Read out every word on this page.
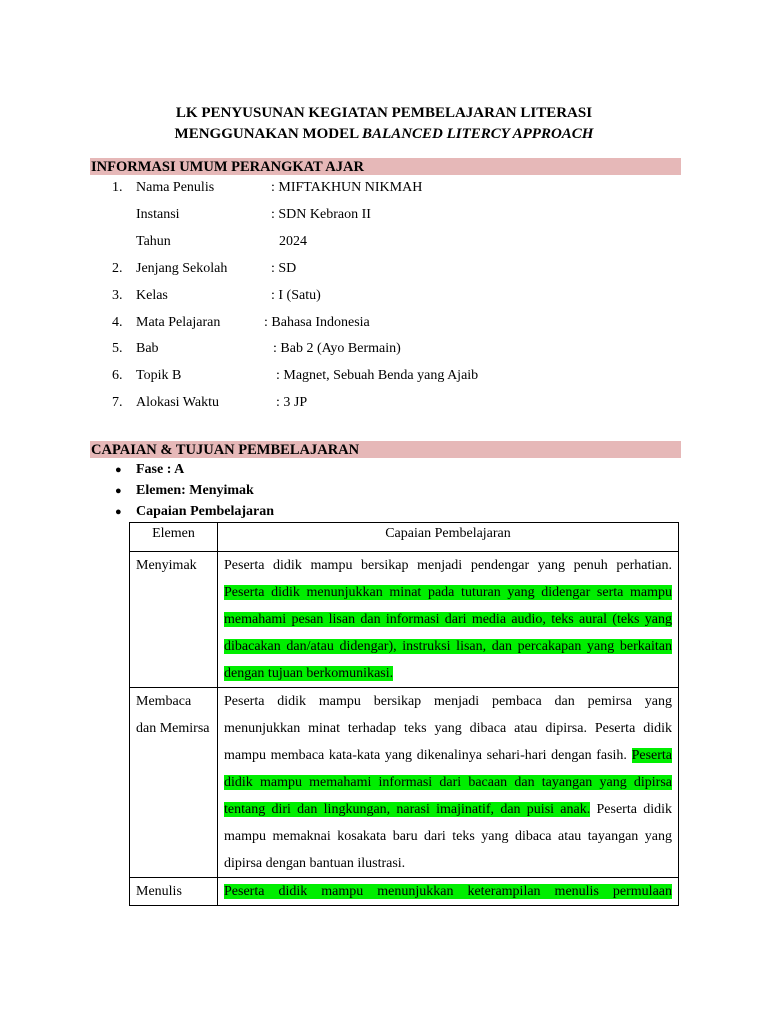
LK PENYUSUNAN KEGIATAN PEMBELAJARAN LITERASI
MENGGUNAKAN MODEL BALANCED LITERCY APPROACH
INFORMASI UMUM PERANGKAT AJAR
1. Nama Penulis	: MIFTAKHUN NIKMAH
Instansi	: SDN Kebraon II
Tahun	2024
2. Jenjang Sekolah	: SD
3. Kelas	: I (Satu)
4. Mata Pelajaran	: Bahasa Indonesia
5. Bab	: Bab 2 (Ayo Bermain)
6. Topik B	: Magnet, Sebuah Benda yang Ajaib
7. Alokasi Waktu	: 3 JP
CAPAIAN & TUJUAN PEMBELAJARAN
● Fase : A
● Elemen: Menyimak
● Capaian Pembelajaran
Elemen	Capaian Pembelajaran
Menyimak	Peserta didik mampu bersikap menjadi pendengar yang penuh perhatian. Peserta didik menunjukkan minat pada tuturan yang didengar serta mampu memahami pesan lisan dan informasi dari media audio, teks aural (teks yang dibacakan dan/atau didengar), instruksi lisan, dan percakapan yang berkaitan dengan tujuan berkomunikasi.

Membaca dan Memirsa	Peserta didik mampu bersikap menjadi pembaca dan pemirsa yang menunjukkan minat terhadap teks yang dibaca atau dipirsa. Peserta didik mampu membaca kata-kata yang dikenalinya sehari-hari dengan fasih. Peserta didik mampu memahami informasi dari bacaan dan tayangan yang dipirsa tentang diri dan lingkungan, narasi imajinatif, dan puisi anak. Peserta didik mampu memaknai kosakata baru dari teks yang dibaca atau tayangan yang dipirsa dengan bantuan ilustrasi.

Menulis	Peserta didik mampu menunjukkan keterampilan menulis permulaan
